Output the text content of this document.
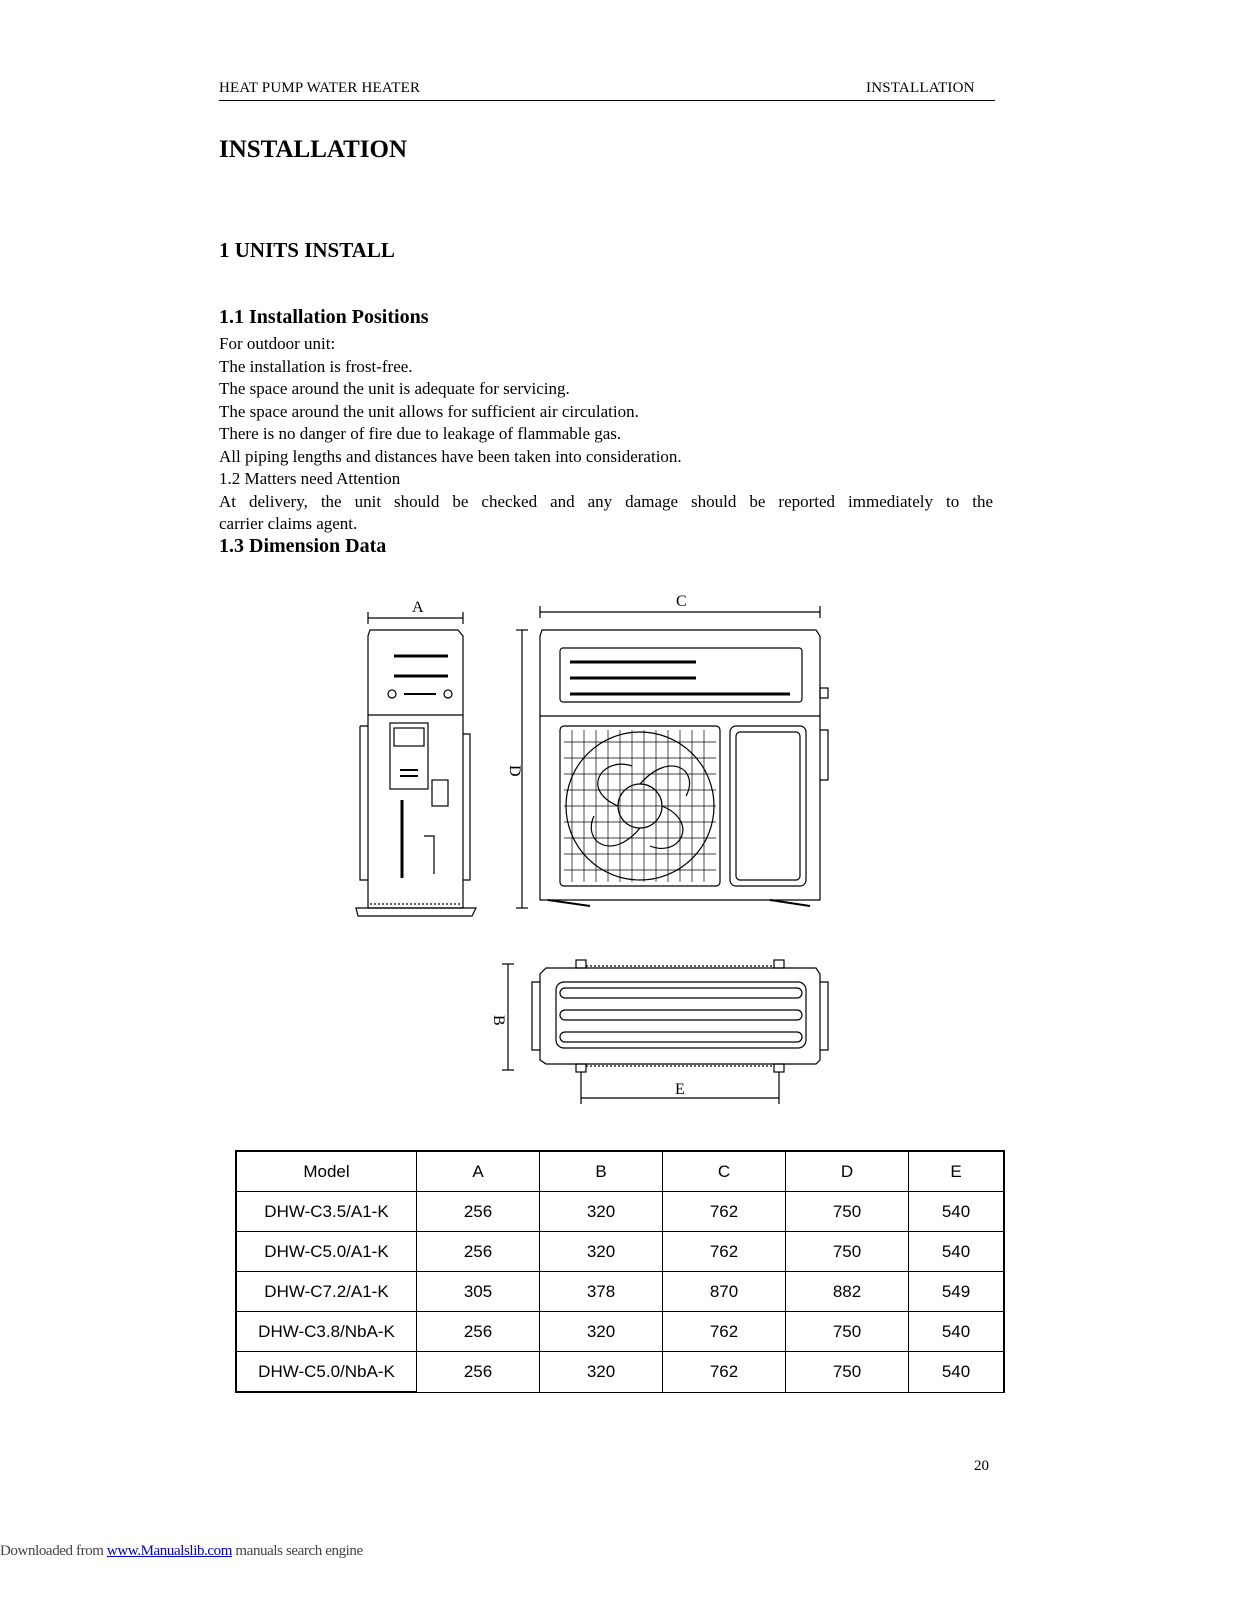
HEAT PUMP WATER HEATER	INSTALLATION
INSTALLATION
1 UNITS INSTALL
1.1 Installation Positions
For outdoor unit:
The installation is frost-free.
The space around the unit is adequate for servicing.
The space around the unit allows for sufficient air circulation.
There is no danger of fire due to leakage of flammable gas.
All piping lengths and distances have been taken into consideration.
1.2 Matters need Attention
At delivery, the unit should be checked and any damage should be reported immediately to the
carrier claims agent.
1.3 Dimension Data
A	C
D
B
E
Model	A	B	C	D	E
DHW-C3.5/A1-K	256	320	762	750	540
DHW-C5.0/A1-K	256	320	762	750	540
DHW-C7.2/A1-K	305	378	870	882	549
DHW-C3.8/NbA-K	256	320	762	750	540
DHW-C5.0/NbA-K	256	320	762	750	540
20
Downloaded from www.Manualslib.com manuals search engine
